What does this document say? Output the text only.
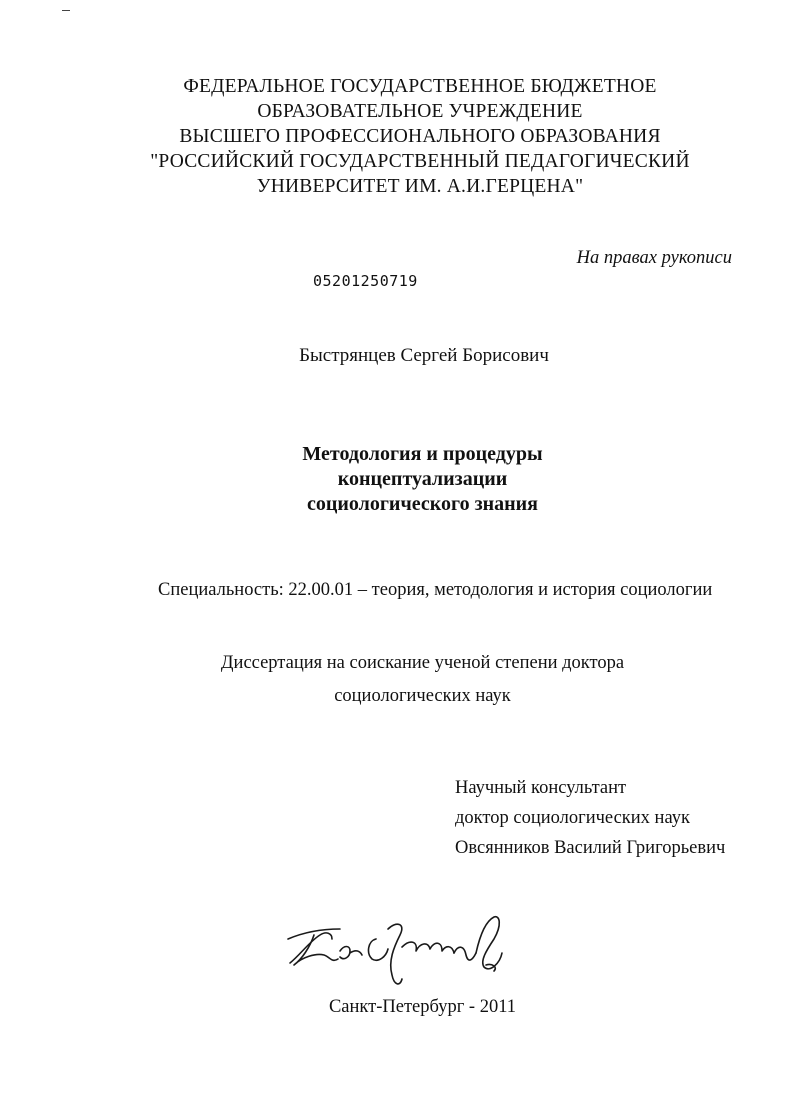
ФЕДЕРАЛЬНОЕ ГОСУДАРСТВЕННОЕ БЮДЖЕТНОЕ
ОБРАЗОВАТЕЛЬНОЕ УЧРЕЖДЕНИЕ
ВЫСШЕГО ПРОФЕССИОНАЛЬНОГО ОБРАЗОВАНИЯ
"РОССИЙСКИЙ ГОСУДАРСТВЕННЫЙ ПЕДАГОГИЧЕСКИЙ
УНИВЕРСИТЕТ ИМ. А.И.ГЕРЦЕНА"
На правах рукописи
05201250719
Быстрянцев Сергей Борисович
Методология и процедуры
концептуализации
социологического знания
Специальность: 22.00.01 – теория, методология и история социологии
Диссертация на соискание ученой степени доктора
социологических наук
Научный консультант
доктор социологических наук
Овсянников Василий Григорьевич
Санкт-Петербург - 2011
